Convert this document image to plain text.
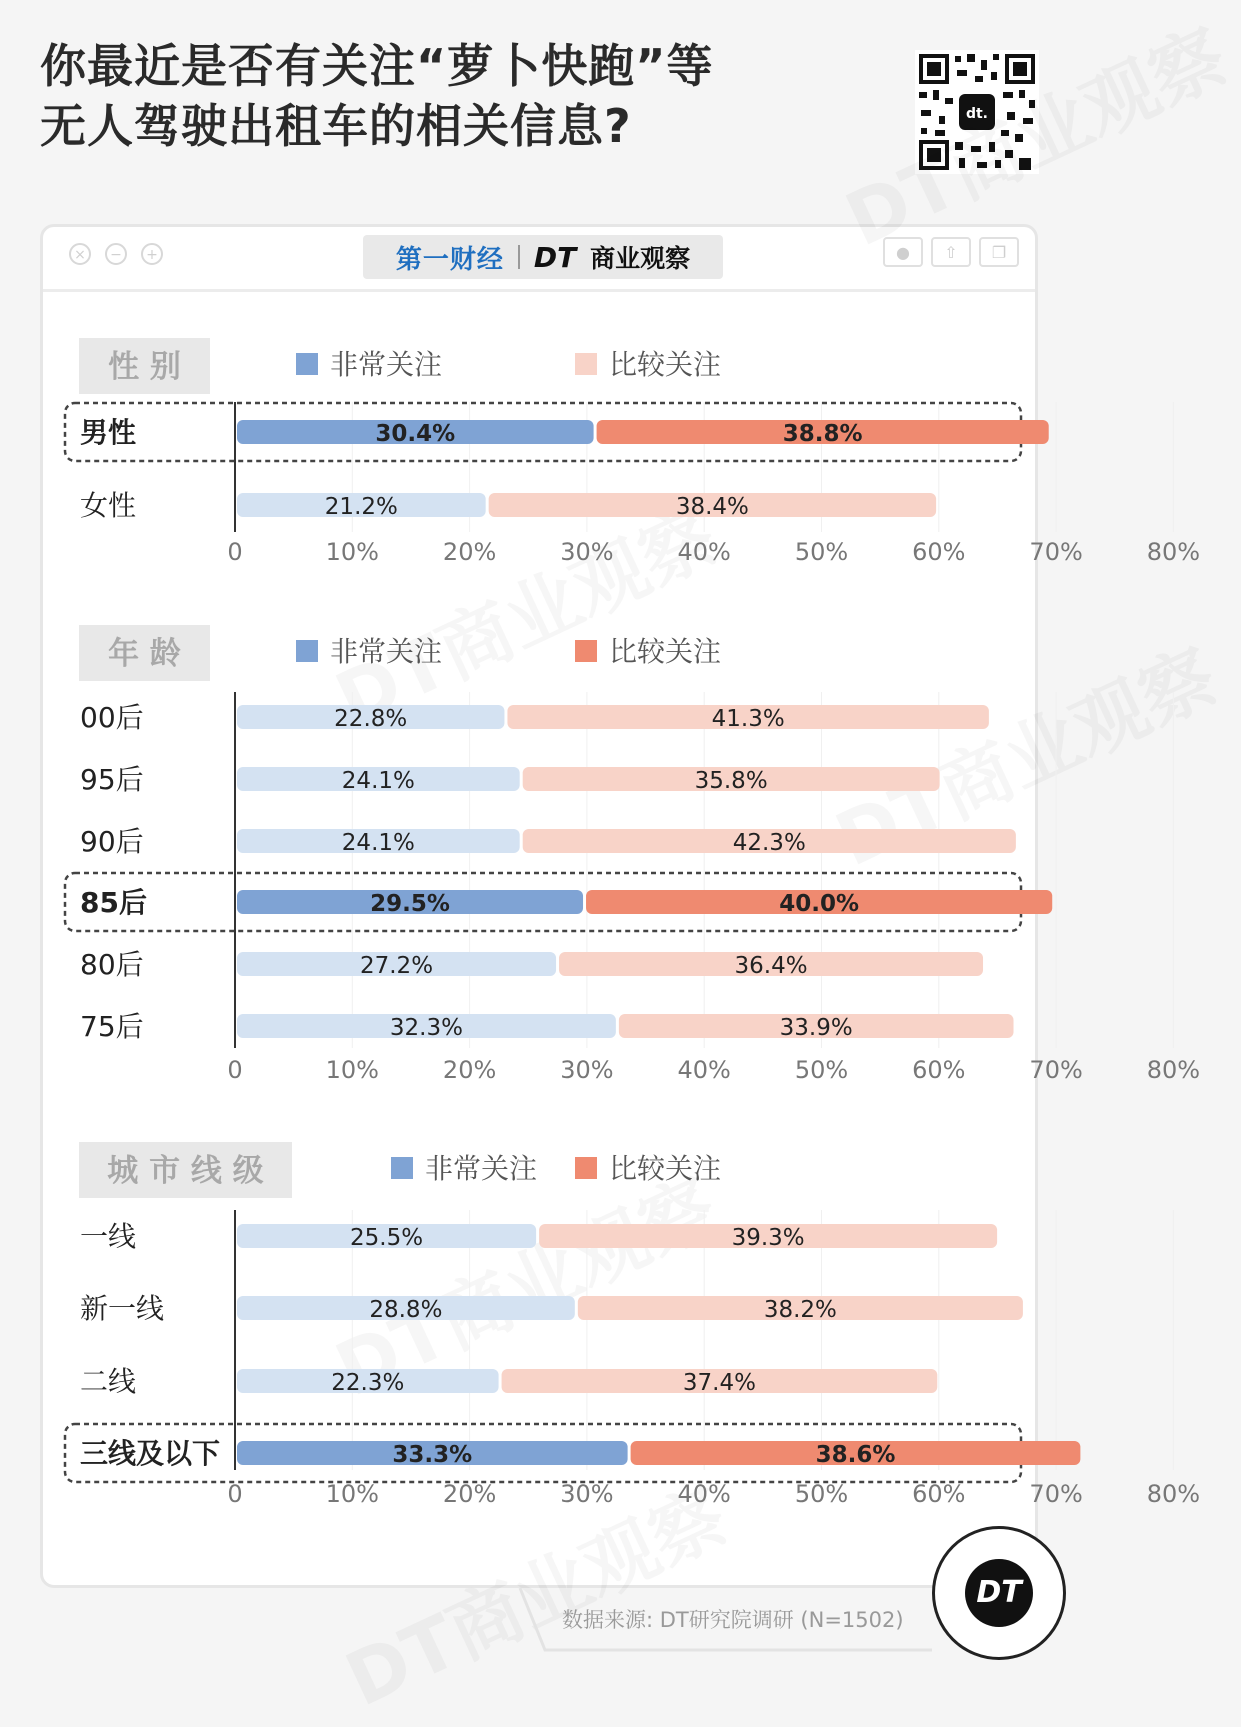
你最近是否有关注“萝卜快跑”等
无人驾驶出租车的相关信息?	dt.
×	−	+	第一财经 DT 商业观察	●	⇧	❐
性 别	非常关注	比较关注
男性	30.4%	38.8%
女性	21.2%	38.4%
0	10%	20%	30%	40%	50%	60%	70%	80%
年 龄	非常关注	比较关注
00后	22.8%	41.3%
95后	24.1%	35.8%
90后	24.1%	42.3%
85后	29.5%	40.0%
80后	27.2%	36.4%
75后	32.3%	33.9%
0	10%	20%	30%	40%	50%	60%	70%	80%
城 市 线 级	非常关注	比较关注
一线	25.5%	39.3%
新一线	28.8%	38.2%
二线	22.3%	37.4%
三线及以下	33.3%	38.6%
0	10%	20%	30%	40%	50%	60%	70%	80%
数据来源: DT研究院调研 (N=1502)
DT
